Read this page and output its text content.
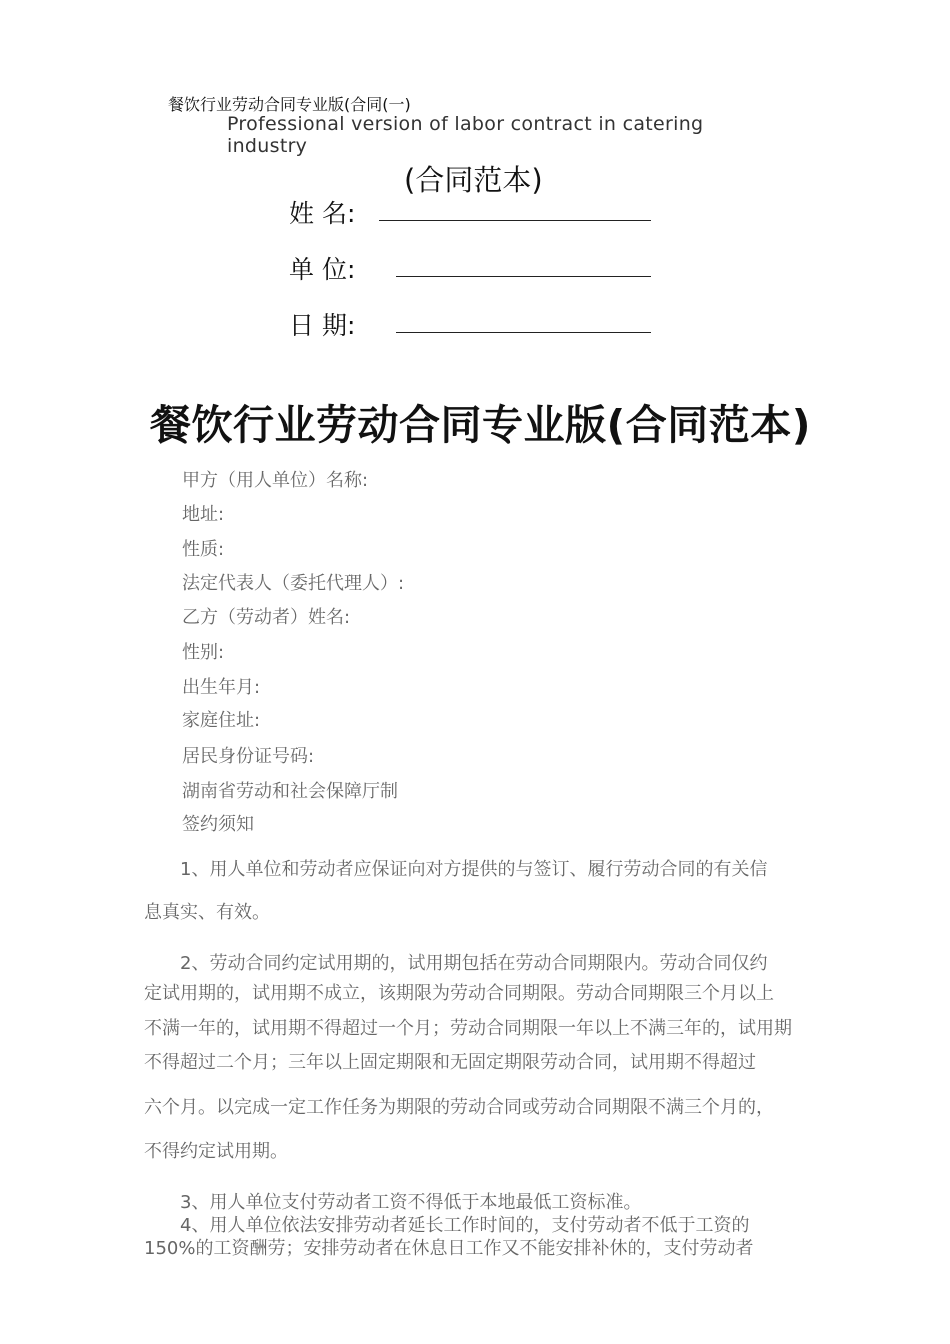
餐饮行业劳动合同专业版(合同(一)
Professional version of labor contract in catering industry
(合同范本)
姓 名:
单 位:
日 期:
餐饮行业劳动合同专业版(合同范本)
甲方（用人单位）名称:
地址:
性质:
法定代表人（委托代理人）:
乙方（劳动者）姓名:
性别:
出生年月:
家庭住址:
居民身份证号码:
湖南省劳动和社会保障厅制
签约须知
　　1、用人单位和劳动者应保证向对方提供的与签订、履行劳动合同的有关信
息真实、有效。
　　2、劳动合同约定试用期的，试用期包括在劳动合同期限内。劳动合同仅约
定试用期的，试用期不成立，该期限为劳动合同期限。劳动合同期限三个月以上
不满一年的，试用期不得超过一个月；劳动合同期限一年以上不满三年的，试用期
不得超过二个月；三年以上固定期限和无固定期限劳动合同，试用期不得超过
六个月。以完成一定工作任务为期限的劳动合同或劳动合同期限不满三个月的，
不得约定试用期。
　　3、用人单位支付劳动者工资不得低于本地最低工资标准。
　　4、用人单位依法安排劳动者延长工作时间的，支付劳动者不低于工资的
150%的工资酬劳；安排劳动者在休息日工作又不能安排补休的，支付劳动者
